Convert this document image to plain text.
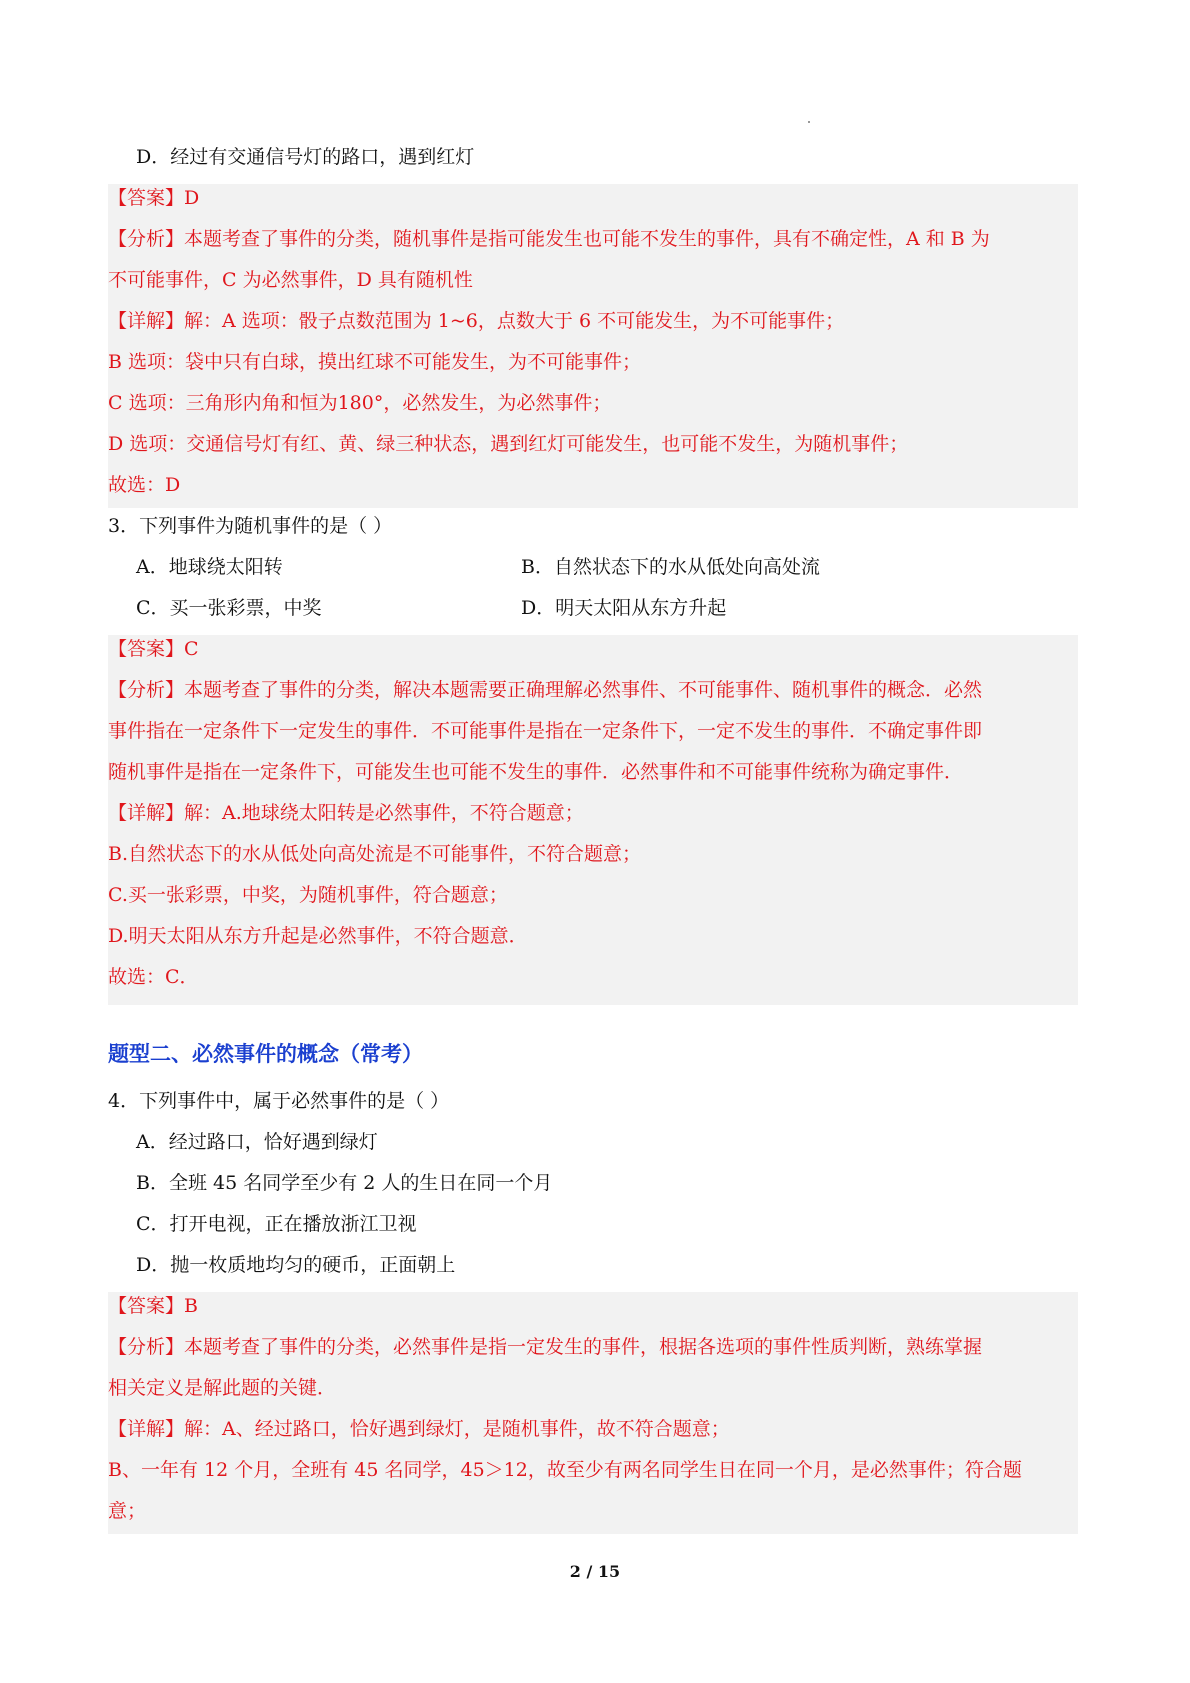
D．经过有交通信号灯的路口，遇到红灯
【答案】D
【分析】本题考查了事件的分类，随机事件是指可能发生也可能不发生的事件，具有不确定性，A 和 B 为
不可能事件，C 为必然事件，D 具有随机性
【详解】解：A 选项：骰子点数范围为 1~6，点数大于 6 不可能发生，为不可能事件；
B 选项：袋中只有白球，摸出红球不可能发生，为不可能事件；
C 选项：三角形内角和恒为180°，必然发生，为必然事件；
D 选项：交通信号灯有红、黄、绿三种状态，遇到红灯可能发生，也可能不发生，为随机事件；
故选：D
3．下列事件为随机事件的是（ ）
A．地球绕太阳转	B．自然状态下的水从低处向高处流
C．买一张彩票，中奖	D．明天太阳从东方升起
【答案】C
【分析】本题考查了事件的分类，解决本题需要正确理解必然事件、不可能事件、随机事件的概念．必然
事件指在一定条件下一定发生的事件．不可能事件是指在一定条件下，一定不发生的事件．不确定事件即
随机事件是指在一定条件下，可能发生也可能不发生的事件．必然事件和不可能事件统称为确定事件．
【详解】解：A.地球绕太阳转是必然事件，不符合题意；
B.自然状态下的水从低处向高处流是不可能事件，不符合题意；
C.买一张彩票，中奖，为随机事件，符合题意；
D.明天太阳从东方升起是必然事件，不符合题意．
故选：C．
题型二、必然事件的概念（常考）
4．下列事件中，属于必然事件的是（ ）
A．经过路口，恰好遇到绿灯
B．全班 45 名同学至少有 2 人的生日在同一个月
C．打开电视，正在播放浙江卫视
D．抛一枚质地均匀的硬币，正面朝上
【答案】B
【分析】本题考查了事件的分类，必然事件是指一定发生的事件，根据各选项的事件性质判断，熟练掌握
相关定义是解此题的关键．
【详解】解：A、经过路口，恰好遇到绿灯，是随机事件，故不符合题意；
B、一年有 12 个月，全班有 45 名同学，45＞12，故至少有两名同学生日在同一个月，是必然事件；符合题
意；
2 / 15
